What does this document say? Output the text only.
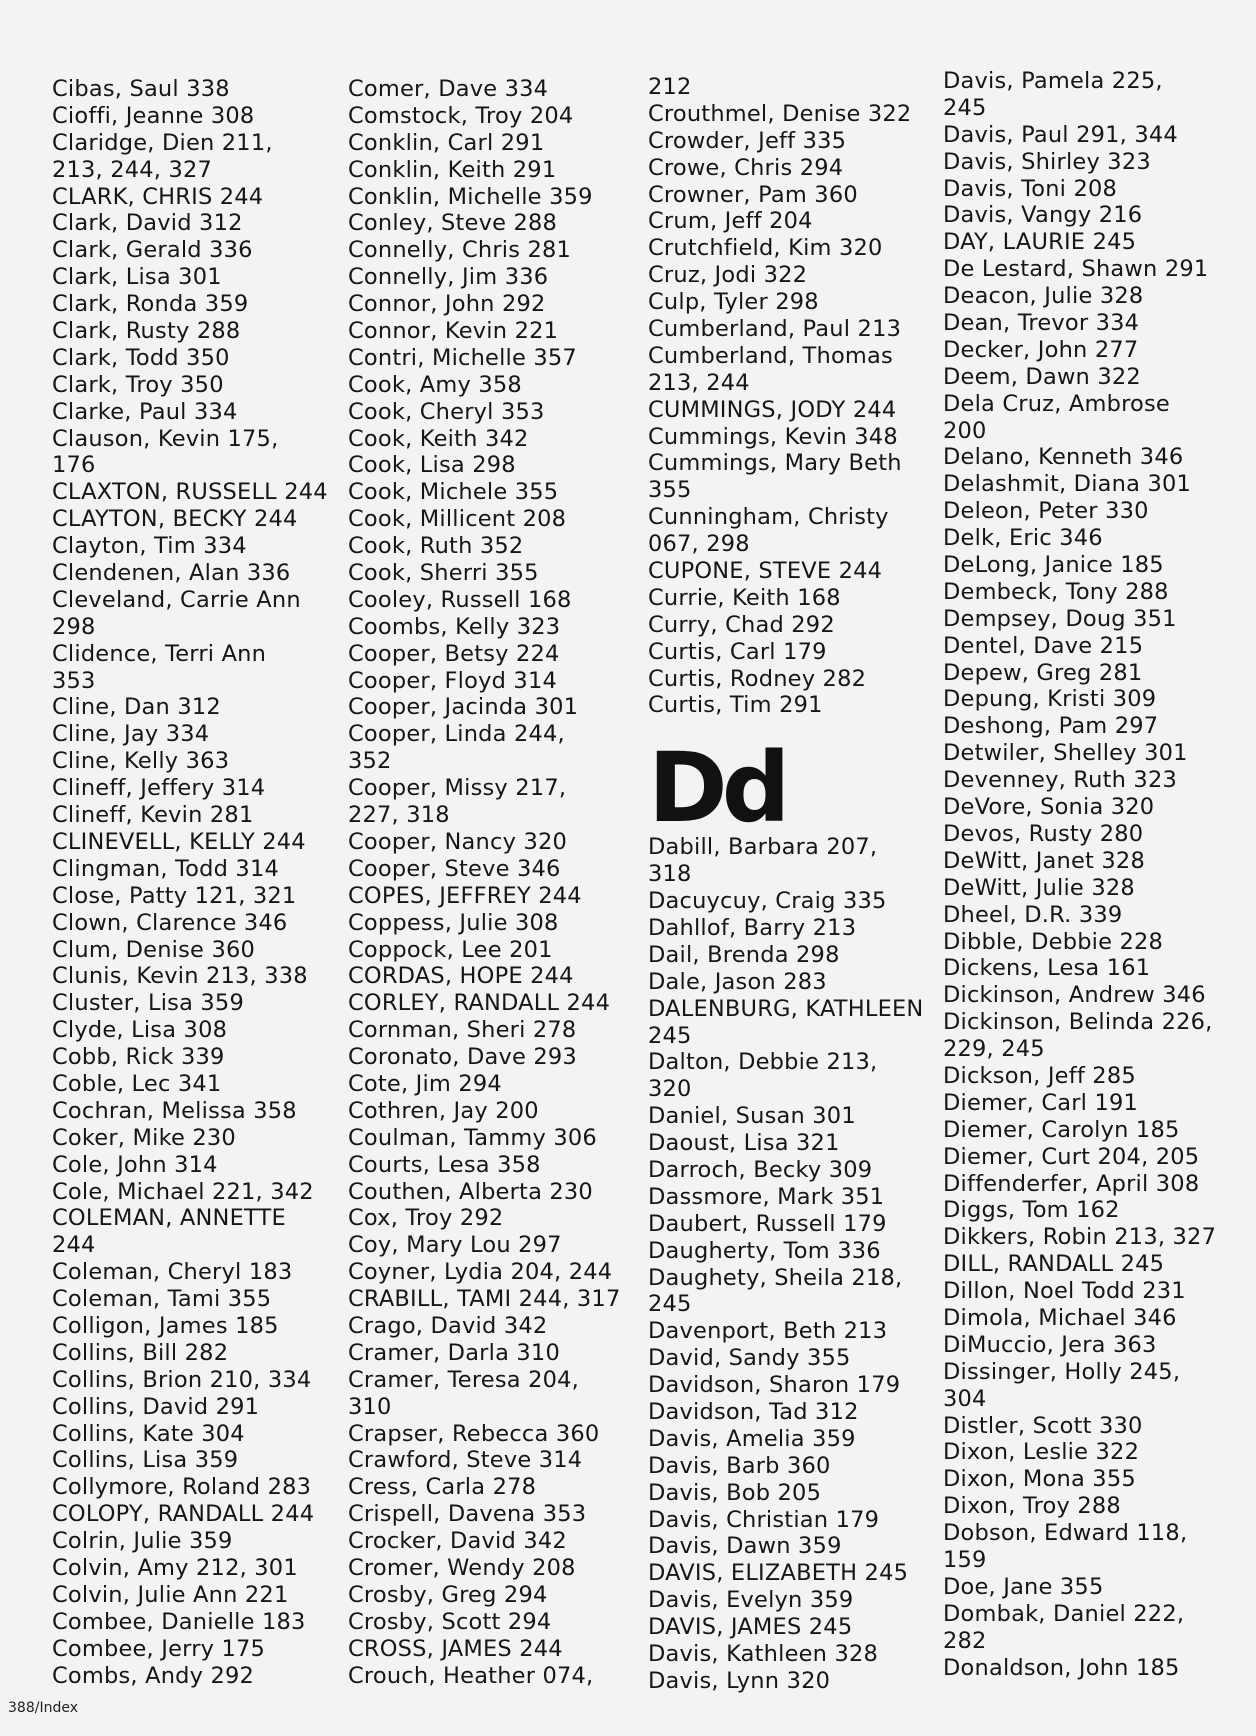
Cibas, Saul 338
Cioffi, Jeanne 308
Claridge, Dien 211,
213, 244, 327
CLARK, CHRIS 244
Clark, David 312
Clark, Gerald 336
Clark, Lisa 301
Clark, Ronda 359
Clark, Rusty 288
Clark, Todd 350
Clark, Troy 350
Clarke, Paul 334
Clauson, Kevin 175,
176
CLAXTON, RUSSELL 244
CLAYTON, BECKY 244
Clayton, Tim 334
Clendenen, Alan 336
Cleveland, Carrie Ann
298
Clidence, Terri Ann
353
Cline, Dan 312
Cline, Jay 334
Cline, Kelly 363
Clineff, Jeffery 314
Clineff, Kevin 281
CLINEVELL, KELLY 244
Clingman, Todd 314
Close, Patty 121, 321
Clown, Clarence 346
Clum, Denise 360
Clunis, Kevin 213, 338
Cluster, Lisa 359
Clyde, Lisa 308
Cobb, Rick 339
Coble, Lec 341
Cochran, Melissa 358
Coker, Mike 230
Cole, John 314
Cole, Michael 221, 342
COLEMAN, ANNETTE
244
Coleman, Cheryl 183
Coleman, Tami 355
Colligon, James 185
Collins, Bill 282
Collins, Brion 210, 334
Collins, David 291
Collins, Kate 304
Collins, Lisa 359
Collymore, Roland 283
COLOPY, RANDALL 244
Colrin, Julie 359
Colvin, Amy 212, 301
Colvin, Julie Ann 221
Combee, Danielle 183
Combee, Jerry 175
Combs, Andy 292
Comer, Dave 334
Comstock, Troy 204
Conklin, Carl 291
Conklin, Keith 291
Conklin, Michelle 359
Conley, Steve 288
Connelly, Chris 281
Connelly, Jim 336
Connor, John 292
Connor, Kevin 221
Contri, Michelle 357
Cook, Amy 358
Cook, Cheryl 353
Cook, Keith 342
Cook, Lisa 298
Cook, Michele 355
Cook, Millicent 208
Cook, Ruth 352
Cook, Sherri 355
Cooley, Russell 168
Coombs, Kelly 323
Cooper, Betsy 224
Cooper, Floyd 314
Cooper, Jacinda 301
Cooper, Linda 244,
352
Cooper, Missy 217,
227, 318
Cooper, Nancy 320
Cooper, Steve 346
COPES, JEFFREY 244
Coppess, Julie 308
Coppock, Lee 201
CORDAS, HOPE 244
CORLEY, RANDALL 244
Cornman, Sheri 278
Coronato, Dave 293
Cote, Jim 294
Cothren, Jay 200
Coulman, Tammy 306
Courts, Lesa 358
Couthen, Alberta 230
Cox, Troy 292
Coy, Mary Lou 297
Coyner, Lydia 204, 244
CRABILL, TAMI 244, 317
Crago, David 342
Cramer, Darla 310
Cramer, Teresa 204,
310
Crapser, Rebecca 360
Crawford, Steve 314
Cress, Carla 278
Crispell, Davena 353
Crocker, David 342
Cromer, Wendy 208
Crosby, Greg 294
Crosby, Scott 294
CROSS, JAMES 244
Crouch, Heather 074,
212
Crouthmel, Denise 322
Crowder, Jeff 335
Crowe, Chris 294
Crowner, Pam 360
Crum, Jeff 204
Crutchfield, Kim 320
Cruz, Jodi 322
Culp, Tyler 298
Cumberland, Paul 213
Cumberland, Thomas
213, 244
CUMMINGS, JODY 244
Cummings, Kevin 348
Cummings, Mary Beth
355
Cunningham, Christy
067, 298
CUPONE, STEVE 244
Currie, Keith 168
Curry, Chad 292
Curtis, Carl 179
Curtis, Rodney 282
Curtis, Tim 291
Dd
Dabill, Barbara 207,
318
Dacuycuy, Craig 335
Dahllof, Barry 213
Dail, Brenda 298
Dale, Jason 283
DALENBURG, KATHLEEN
245
Dalton, Debbie 213,
320
Daniel, Susan 301
Daoust, Lisa 321
Darroch, Becky 309
Dassmore, Mark 351
Daubert, Russell 179
Daugherty, Tom 336
Daughety, Sheila 218,
245
Davenport, Beth 213
David, Sandy 355
Davidson, Sharon 179
Davidson, Tad 312
Davis, Amelia 359
Davis, Barb 360
Davis, Bob 205
Davis, Christian 179
Davis, Dawn 359
DAVIS, ELIZABETH 245
Davis, Evelyn 359
DAVIS, JAMES 245
Davis, Kathleen 328
Davis, Lynn 320
Davis, Pamela 225,
245
Davis, Paul 291, 344
Davis, Shirley 323
Davis, Toni 208
Davis, Vangy 216
DAY, LAURIE 245
De Lestard, Shawn 291
Deacon, Julie 328
Dean, Trevor 334
Decker, John 277
Deem, Dawn 322
Dela Cruz, Ambrose
200
Delano, Kenneth 346
Delashmit, Diana 301
Deleon, Peter 330
Delk, Eric 346
DeLong, Janice 185
Dembeck, Tony 288
Dempsey, Doug 351
Dentel, Dave 215
Depew, Greg 281
Depung, Kristi 309
Deshong, Pam 297
Detwiler, Shelley 301
Devenney, Ruth 323
DeVore, Sonia 320
Devos, Rusty 280
DeWitt, Janet 328
DeWitt, Julie 328
Dheel, D.R. 339
Dibble, Debbie 228
Dickens, Lesa 161
Dickinson, Andrew 346
Dickinson, Belinda 226,
229, 245
Dickson, Jeff 285
Diemer, Carl 191
Diemer, Carolyn 185
Diemer, Curt 204, 205
Diffenderfer, April 308
Diggs, Tom 162
Dikkers, Robin 213, 327
DILL, RANDALL 245
Dillon, Noel Todd 231
Dimola, Michael 346
DiMuccio, Jera 363
Dissinger, Holly 245,
304
Distler, Scott 330
Dixon, Leslie 322
Dixon, Mona 355
Dixon, Troy 288
Dobson, Edward 118,
159
Doe, Jane 355
Dombak, Daniel 222,
282
Donaldson, John 185
388/Index
